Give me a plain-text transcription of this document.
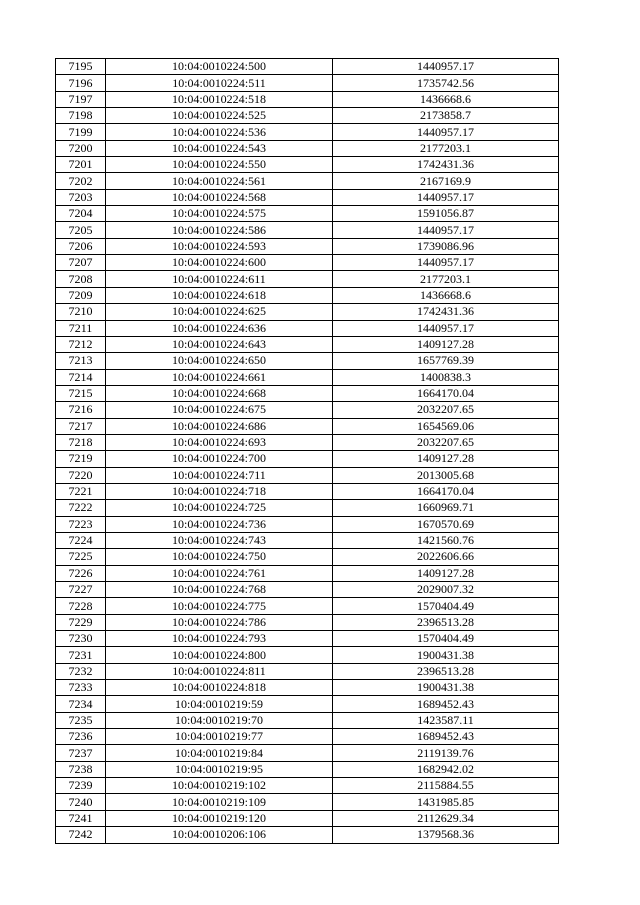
7195	10:04:0010224:500	1440957.17
7196	10:04:0010224:511	1735742.56
7197	10:04:0010224:518	1436668.6
7198	10:04:0010224:525	2173858.7
7199	10:04:0010224:536	1440957.17
7200	10:04:0010224:543	2177203.1
7201	10:04:0010224:550	1742431.36
7202	10:04:0010224:561	2167169.9
7203	10:04:0010224:568	1440957.17
7204	10:04:0010224:575	1591056.87
7205	10:04:0010224:586	1440957.17
7206	10:04:0010224:593	1739086.96
7207	10:04:0010224:600	1440957.17
7208	10:04:0010224:611	2177203.1
7209	10:04:0010224:618	1436668.6
7210	10:04:0010224:625	1742431.36
7211	10:04:0010224:636	1440957.17
7212	10:04:0010224:643	1409127.28
7213	10:04:0010224:650	1657769.39
7214	10:04:0010224:661	1400838.3
7215	10:04:0010224:668	1664170.04
7216	10:04:0010224:675	2032207.65
7217	10:04:0010224:686	1654569.06
7218	10:04:0010224:693	2032207.65
7219	10:04:0010224:700	1409127.28
7220	10:04:0010224:711	2013005.68
7221	10:04:0010224:718	1664170.04
7222	10:04:0010224:725	1660969.71
7223	10:04:0010224:736	1670570.69
7224	10:04:0010224:743	1421560.76
7225	10:04:0010224:750	2022606.66
7226	10:04:0010224:761	1409127.28
7227	10:04:0010224:768	2029007.32
7228	10:04:0010224:775	1570404.49
7229	10:04:0010224:786	2396513.28
7230	10:04:0010224:793	1570404.49
7231	10:04:0010224:800	1900431.38
7232	10:04:0010224:811	2396513.28
7233	10:04:0010224:818	1900431.38
7234	10:04:0010219:59	1689452.43
7235	10:04:0010219:70	1423587.11
7236	10:04:0010219:77	1689452.43
7237	10:04:0010219:84	2119139.76
7238	10:04:0010219:95	1682942.02
7239	10:04:0010219:102	2115884.55
7240	10:04:0010219:109	1431985.85
7241	10:04:0010219:120	2112629.34
7242	10:04:0010206:106	1379568.36
